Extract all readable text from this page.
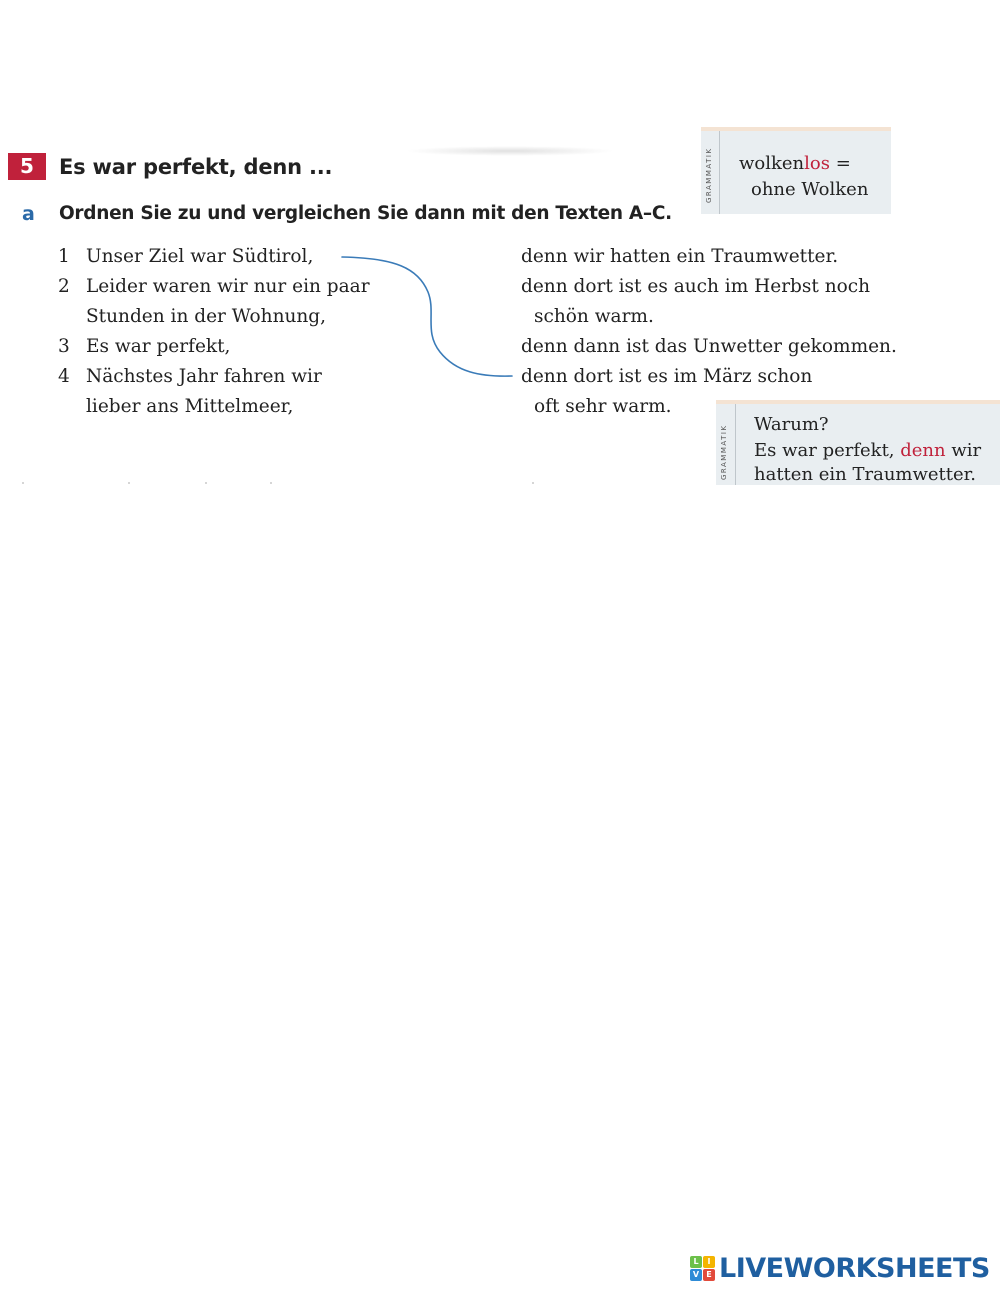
5	Es war perfekt, denn ...
a Ordnen Sie zu und vergleichen Sie dann mit den Texten A–C.
1 Unser Ziel war Südtirol,
2 Leider waren wir nur ein paar
Stunden in der Wohnung,
3 Es war perfekt,
4 Nächstes Jahr fahren wir
lieber ans Mittelmeer,
denn wir hatten ein Traumwetter.
denn dort ist es auch im Herbst noch
schön warm.
denn dann ist das Unwetter gekommen.
denn dort ist es im März schon
oft sehr warm.
GRAMMATIK wolkenlos =
ohne Wolken
GRAMMATIK Warum?
Es war perfekt, denn wir
hatten ein Traumwetter.
L	I
V E LIVEWORKSHEETS
